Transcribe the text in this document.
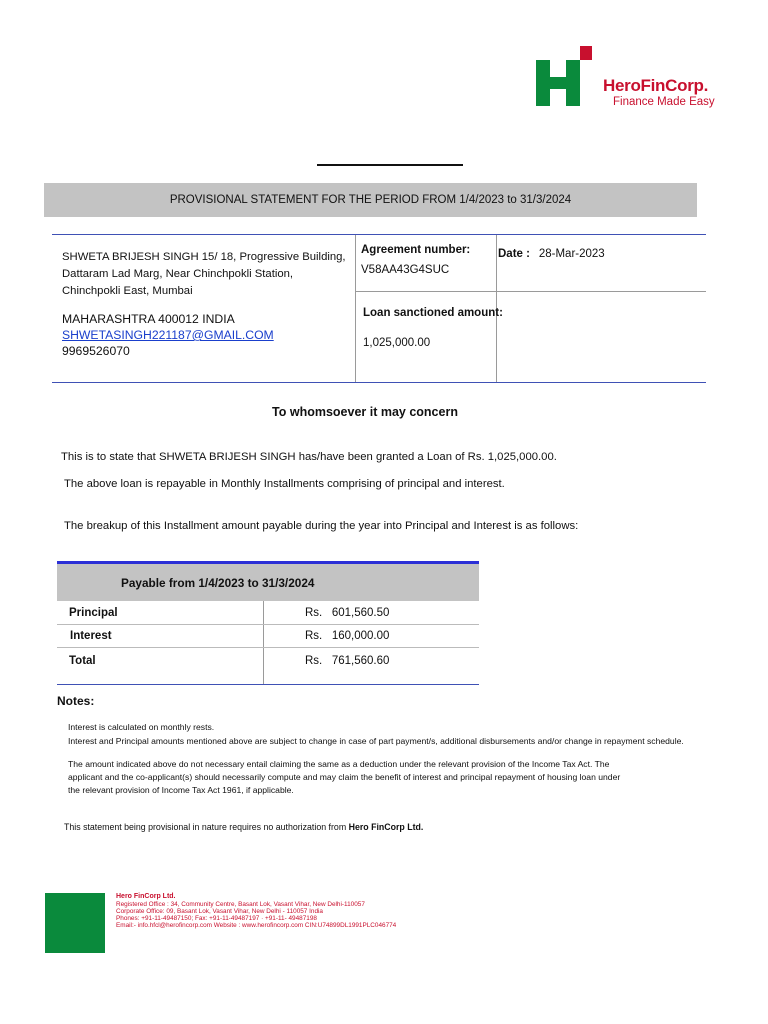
HeroFinCorp.
Finance Made Easy
PROVISIONAL STATEMENT FOR THE PERIOD FROM 1/4/2023 to 31/3/2024
SHWETA BRIJESH SINGH 15/ 18, Progressive Building, Dattaram Lad Marg, Near Chinchpokli Station, Chinchpokli East, Mumbai
MAHARASHTRA 400012 INDIA
SHWETASINGH221187@GMAIL.COM
9969526070
Agreement number:
V58AA43G4SUC
Date : 28-Mar-2023
Loan sanctioned amount:
1,025,000.00
To whomsoever it may concern
This is to state that SHWETA BRIJESH SINGH has/have been granted a Loan of Rs. 1,025,000.00.
The above loan is repayable in Monthly Installments comprising of principal and interest.
The breakup of this Installment amount payable during the year into Principal and Interest is as follows:
Payable from 1/4/2023 to 31/3/2024
Principal	Rs.   601,560.50
Interest	Rs.   160,000.00
Total	Rs.   761,560.60
Notes:
Interest is calculated on monthly rests.
Interest and Principal amounts mentioned above are subject to change in case of part payment/s, additional disbursements and/or change in repayment schedule.
The amount indicated above do not necessary entail claiming the same as a deduction under the relevant provision of the Income Tax Act. The
applicant and the co-applicant(s) should necessarily compute and may claim the benefit of interest and principal repayment of housing loan under
the relevant provision of Income Tax Act 1961, if applicable.
This statement being provisional in nature requires no authorization from Hero FinCorp Ltd.
Hero FinCorp Ltd.
Registered Office : 34, Community Centre, Basant Lok, Vasant Vihar, New Delhi-110057
Corporate Office: 09, Basant Lok, Vasant Vihar, New Delhi - 110057 India
Phones: +91-11-49487150; Fax: +91-11-49487197 · +91-11- 49487198
Email:- info.hfcl@herofincorp.com Website : www.herofincorp.com CIN:U74899DL1991PLC046774
